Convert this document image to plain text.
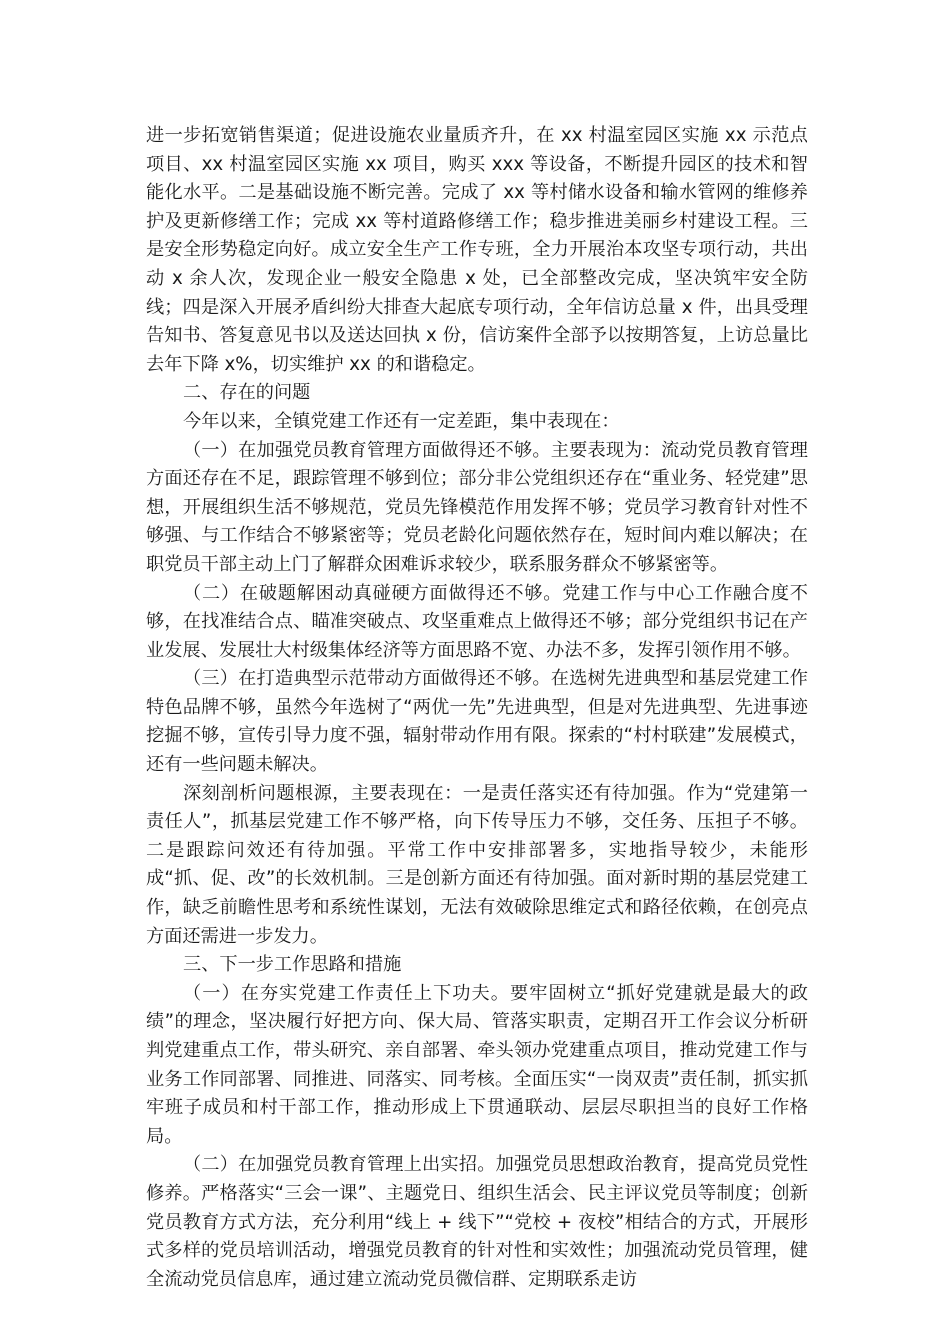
进一步拓宽销售渠道；促进设施农业量质齐升，在 xx 村温室园区实施 xx 示范点项目、xx 村温室园区实施 xx 项目，购买 xxx 等设备，不断提升园区的技术和智能化水平。二是基础设施不断完善。完成了 xx 等村储水设备和输水管网的维修养护及更新修缮工作；完成 xx 等村道路修缮工作；稳步推进美丽乡村建设工程。三是安全形势稳定向好。成立安全生产工作专班，全力开展治本攻坚专项行动，共出动 x 余人次，发现企业一般安全隐患 x 处，已全部整改完成，坚决筑牢安全防线；四是深入开展矛盾纠纷大排查大起底专项行动，全年信访总量 x 件，出具受理告知书、答复意见书以及送达回执 x 份，信访案件全部予以按期答复，上访总量比去年下降 x%，切实维护 xx 的和谐稳定。

二、存在的问题

今年以来，全镇党建工作还有一定差距，集中表现在：

（一）在加强党员教育管理方面做得还不够。主要表现为：流动党员教育管理方面还存在不足，跟踪管理不够到位；部分非公党组织还存在“重业务、轻党建”思想，开展组织生活不够规范，党员先锋模范作用发挥不够；党员学习教育针对性不够强、与工作结合不够紧密等；党员老龄化问题依然存在，短时间内难以解决；在职党员干部主动上门了解群众困难诉求较少，联系服务群众不够紧密等。

（二）在破题解困动真碰硬方面做得还不够。党建工作与中心工作融合度不够，在找准结合点、瞄准突破点、攻坚重难点上做得还不够；部分党组织书记在产业发展、发展壮大村级集体经济等方面思路不宽、办法不多，发挥引领作用不够。

（三）在打造典型示范带动方面做得还不够。在选树先进典型和基层党建工作特色品牌不够，虽然今年选树了“两优一先”先进典型，但是对先进典型、先进事迹挖掘不够，宣传引导力度不强，辐射带动作用有限。探索的“村村联建”发展模式，还有一些问题未解决。

深刻剖析问题根源，主要表现在：一是责任落实还有待加强。作为“党建第一责任人”，抓基层党建工作不够严格，向下传导压力不够，交任务、压担子不够。二是跟踪问效还有待加强。平常工作中安排部署多，实地指导较少，未能形成“抓、促、改”的长效机制。三是创新方面还有待加强。面对新时期的基层党建工作，缺乏前瞻性思考和系统性谋划，无法有效破除思维定式和路径依赖，在创亮点方面还需进一步发力。

三、下一步工作思路和措施

（一）在夯实党建工作责任上下功夫。要牢固树立“抓好党建就是最大的政绩”的理念，坚决履行好把方向、保大局、管落实职责，定期召开工作会议分析研判党建重点工作，带头研究、亲自部署、牵头领办党建重点项目，推动党建工作与业务工作同部署、同推进、同落实、同考核。全面压实“一岗双责”责任制，抓实抓牢班子成员和村干部工作，推动形成上下贯通联动、层层尽职担当的良好工作格局。

（二）在加强党员教育管理上出实招。加强党员思想政治教育，提高党员党性修养。严格落实“三会一课”、主题党日、组织生活会、民主评议党员等制度；创新党员教育方式方法，充分利用“线上 + 线下”“党校 + 夜校”相结合的方式，开展形式多样的党员培训活动，增强党员教育的针对性和实效性；加强流动党员管理，健全流动党员信息库，通过建立流动党员微信群、定期联系走访
